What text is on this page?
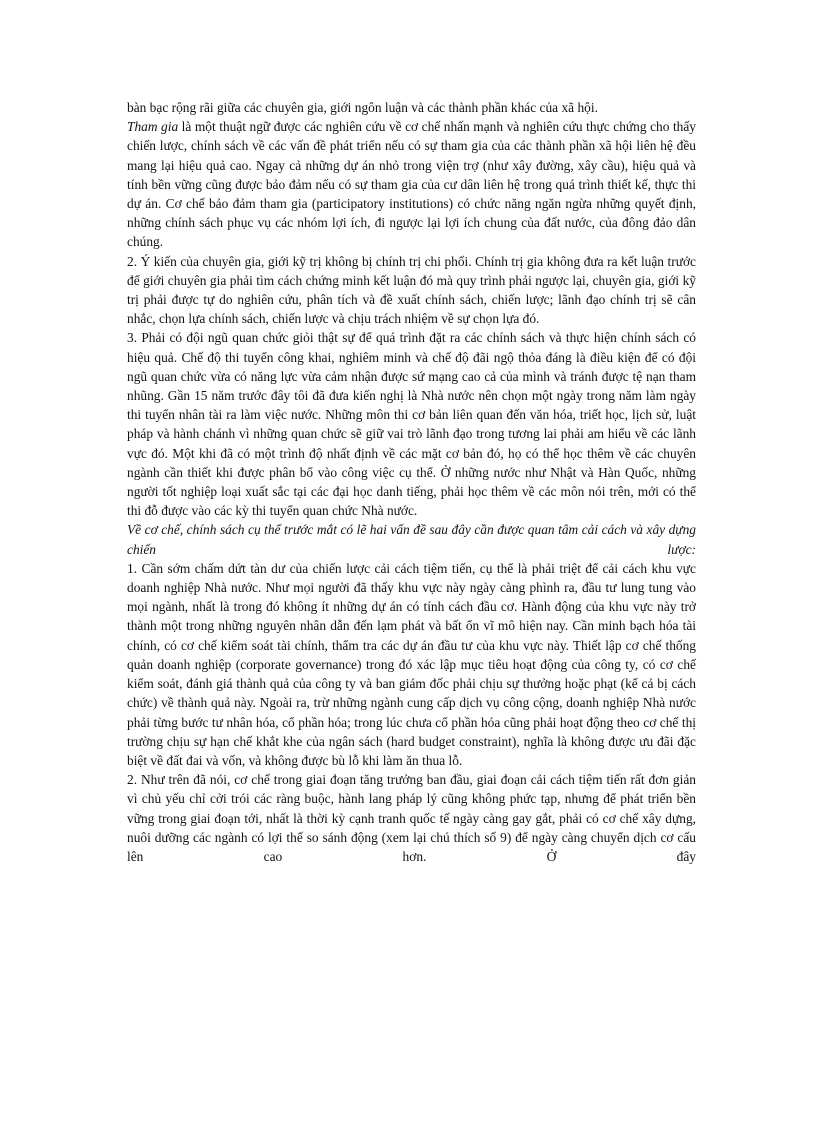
bàn bạc rộng rãi giữa các chuyên gia, giới ngôn luận và các thành phần khác của xã hội.

Tham gia là một thuật ngữ được các nghiên cứu về cơ chế nhấn mạnh và nghiên cứu thực chứng cho thấy chiến lược, chính sách về các vấn đề phát triển nếu có sự tham gia của các thành phần xã hội liên hệ đều mang lại hiệu quả cao. Ngay cả những dự án nhỏ trong viện trợ (như xây đường, xây cầu), hiệu quả và tính bền vững cũng được bảo đảm nếu có sự tham gia của cư dân liên hệ trong quá trình thiết kế, thực thi dự án. Cơ chế bảo đảm tham gia (participatory institutions) có chức năng ngăn ngừa những quyết định, những chính sách phục vụ các nhóm lợi ích, đi ngược lại lợi ích chung của đất nước, của đông đảo dân chúng.

2. Ý kiến của chuyên gia, giới kỹ trị không bị chính trị chi phối. Chính trị gia không đưa ra kết luận trước để giới chuyên gia phải tìm cách chứng minh kết luận đó mà quy trình phải ngược lại, chuyên gia, giới kỹ trị phải được tự do nghiên cứu, phân tích và đề xuất chính sách, chiến lược; lãnh đạo chính trị sẽ cân nhắc, chọn lựa chính sách, chiến lược và chịu trách nhiệm về sự chọn lựa đó.

3. Phải có đội ngũ quan chức giỏi thật sự để quá trình đặt ra các chính sách và thực hiện chính sách có hiệu quả. Chế độ thi tuyển công khai, nghiêm minh và chế độ đãi ngộ thỏa đáng là điều kiện để có đội ngũ quan chức vừa có năng lực vừa cảm nhận được sứ mạng cao cả của mình và tránh được tệ nạn tham nhũng. Gần 15 năm trước đây tôi đã đưa kiến nghị là Nhà nước nên chọn một ngày trong năm làm ngày thi tuyển nhân tài ra làm việc nước. Những môn thi cơ bản liên quan đến văn hóa, triết học, lịch sử, luật pháp và hành chánh vì những quan chức sẽ giữ vai trò lãnh đạo trong tương lai phải am hiểu về các lãnh vực đó. Một khi đã có một trình độ nhất định về các mặt cơ bản đó, họ có thể học thêm về các chuyên ngành cần thiết khi được phân bổ vào công việc cụ thể. Ở những nước như Nhật và Hàn Quốc, những người tốt nghiệp loại xuất sắc tại các đại học danh tiếng, phải học thêm về các môn nói trên, mới có thể thi đỗ được vào các kỳ thi tuyển quan chức Nhà nước.

Về cơ chế, chính sách cụ thể trước mắt có lẽ hai vấn đề sau đây cần được quan tâm cải cách và xây dựng chiến lược:

1. Cần sớm chấm dứt tàn dư của chiến lược cải cách tiệm tiến, cụ thể là phải triệt để cải cách khu vực doanh nghiệp Nhà nước. Như mọi người đã thấy khu vực này ngày càng phình ra, đầu tư lung tung vào mọi ngành, nhất là trong đó không ít những dự án có tính cách đầu cơ. Hành động của khu vực này trở thành một trong những nguyên nhân dẫn đến lạm phát và bất ổn vĩ mô hiện nay. Cần minh bạch hóa tài chính, có cơ chế kiểm soát tài chính, thẩm tra các dự án đầu tư của khu vực này. Thiết lập cơ chế thống quản doanh nghiệp (corporate governance) trong đó xác lập mục tiêu hoạt động của công ty, có cơ chế kiểm soát, đánh giá thành quả của công ty và ban giám đốc phải chịu sự thưởng hoặc phạt (kể cả bị cách chức) về thành quả này. Ngoài ra, trừ những ngành cung cấp dịch vụ công cộng, doanh nghiệp Nhà nước phải từng bước tư nhân hóa, cổ phần hóa; trong lúc chưa cổ phần hóa cũng phải hoạt động theo cơ chế thị trường chịu sự hạn chế khắt khe của ngân sách (hard budget constraint), nghĩa là không được ưu đãi đặc biệt về đất đai và vốn, và không được bù lỗ khi làm ăn thua lỗ.

2. Như trên đã nói, cơ chế trong giai đoạn tăng trưởng ban đầu, giai đoạn cải cách tiệm tiến rất đơn giản vì chủ yếu chỉ cởi trói các ràng buộc, hành lang pháp lý cũng không phức tạp, nhưng để phát triển bền vững trong giai đoạn tới, nhất là thời kỳ cạnh tranh quốc tế ngày càng gay gắt, phải có cơ chế xây dựng, nuôi dưỡng các ngành có lợi thế so sánh động (xem lại chú thích số 9) để ngày càng chuyển dịch cơ cấu lên cao hơn. Ở đây
